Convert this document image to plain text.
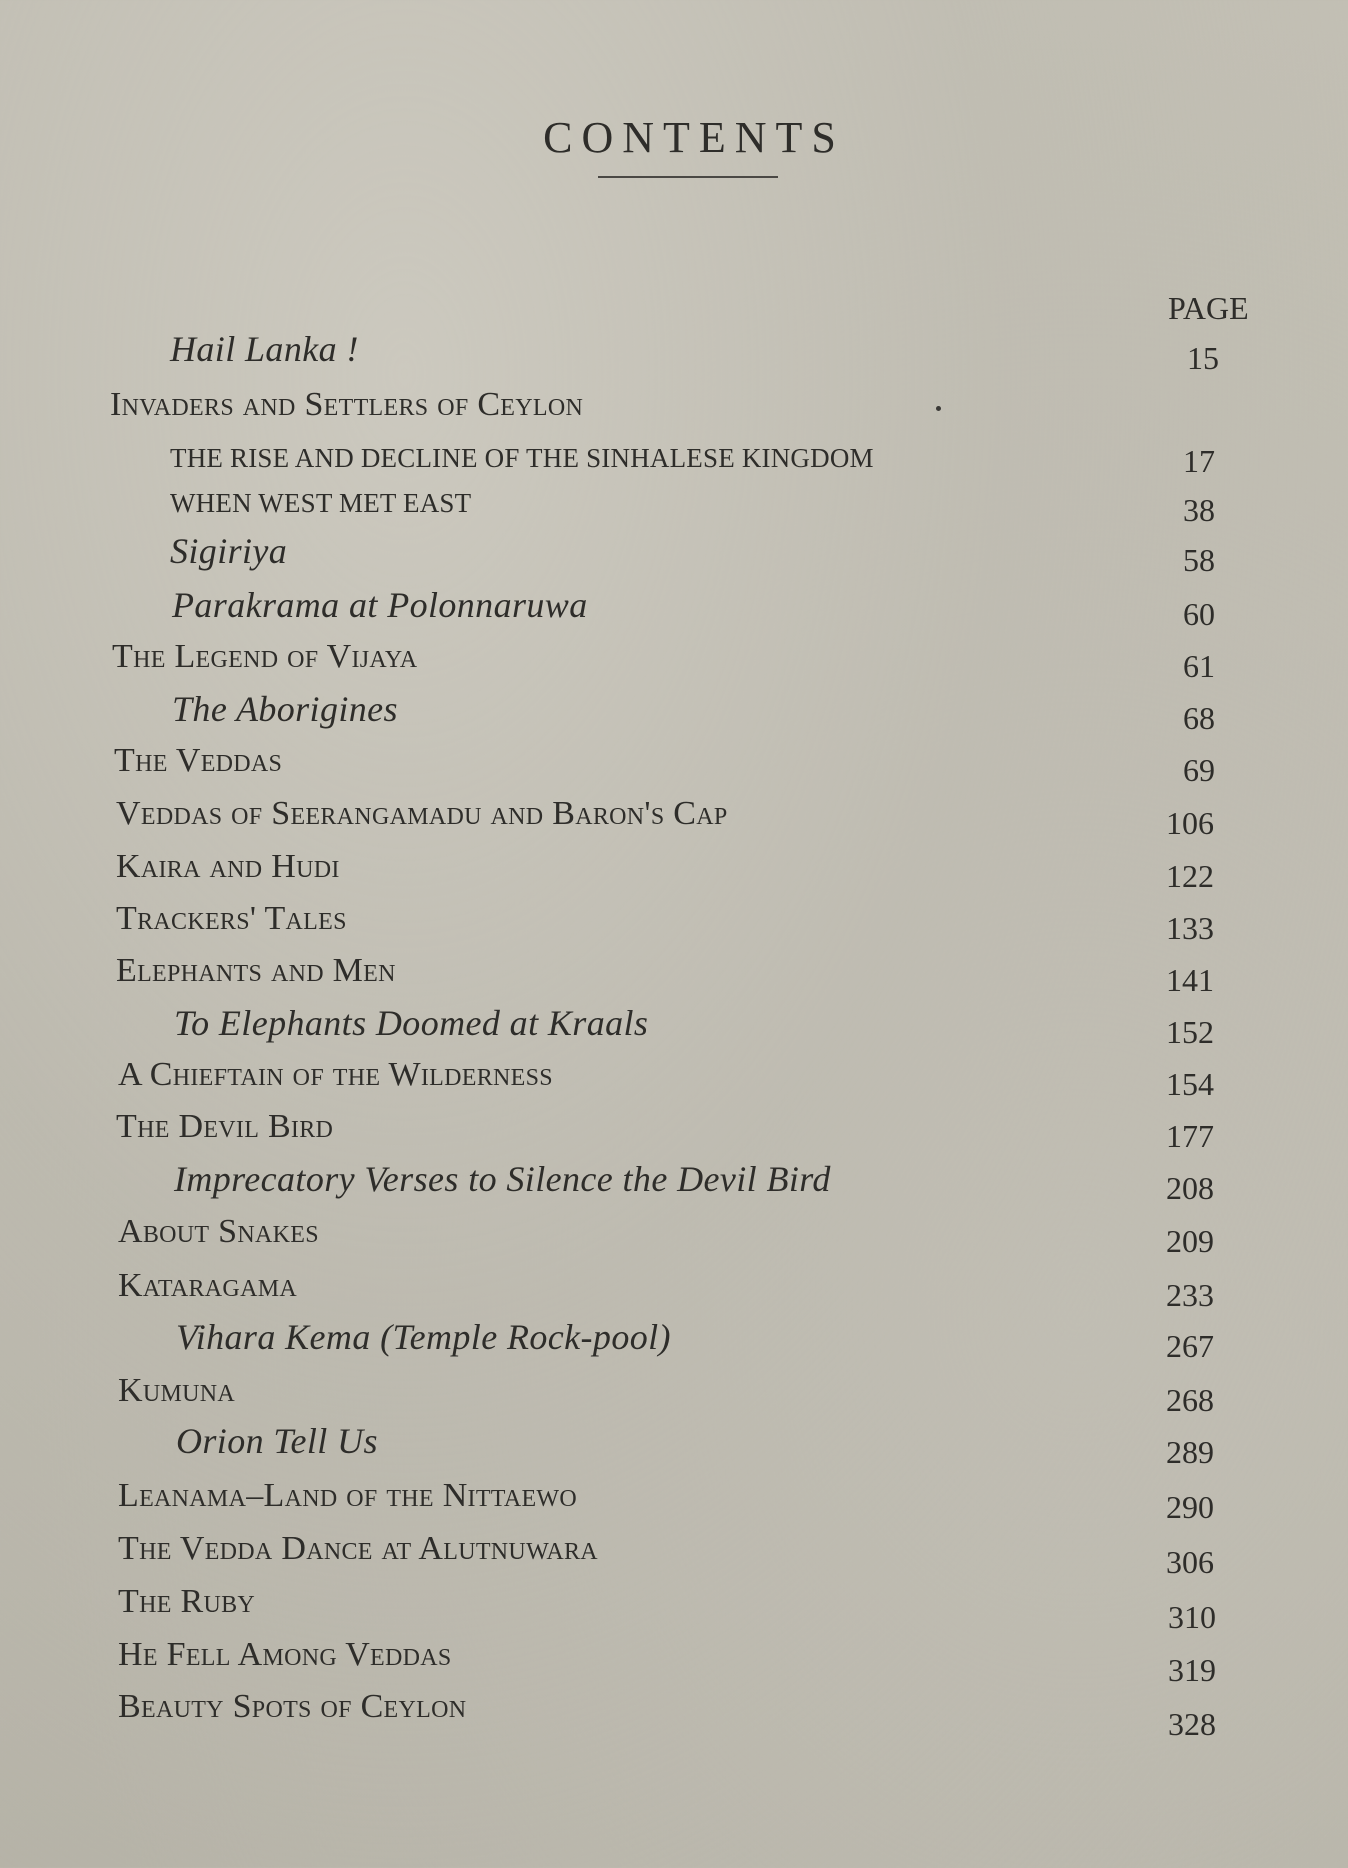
CONTENTS
PAGE
Hail Lanka !	15
Invaders and Settlers of Ceylon
THE RISE AND DECLINE OF THE SINHALESE KINGDOM	17
WHEN WEST MET EAST	38
Sigiriya	58
Parakrama at Polonnaruwa	60
The Legend of Vijaya	61
The Aborigines	68
The Veddas	69
Veddas of Seerangamadu and Baron's Cap	106
Kaira and Hudi	122
Trackers' Tales	133
Elephants and Men	141
To Elephants Doomed at Kraals	152
A Chieftain of the Wilderness	154
The Devil Bird	177
Imprecatory Verses to Silence the Devil Bird	208
About Snakes	209
Kataragama	233
Vihara Kema (Temple Rock-pool)	267
Kumuna	268
Orion Tell Us	289
Leanama–Land of the Nittaewo	290
The Vedda Dance at Alutnuwara	306
The Ruby	310
He Fell Among Veddas	319
Beauty Spots of Ceylon	328
